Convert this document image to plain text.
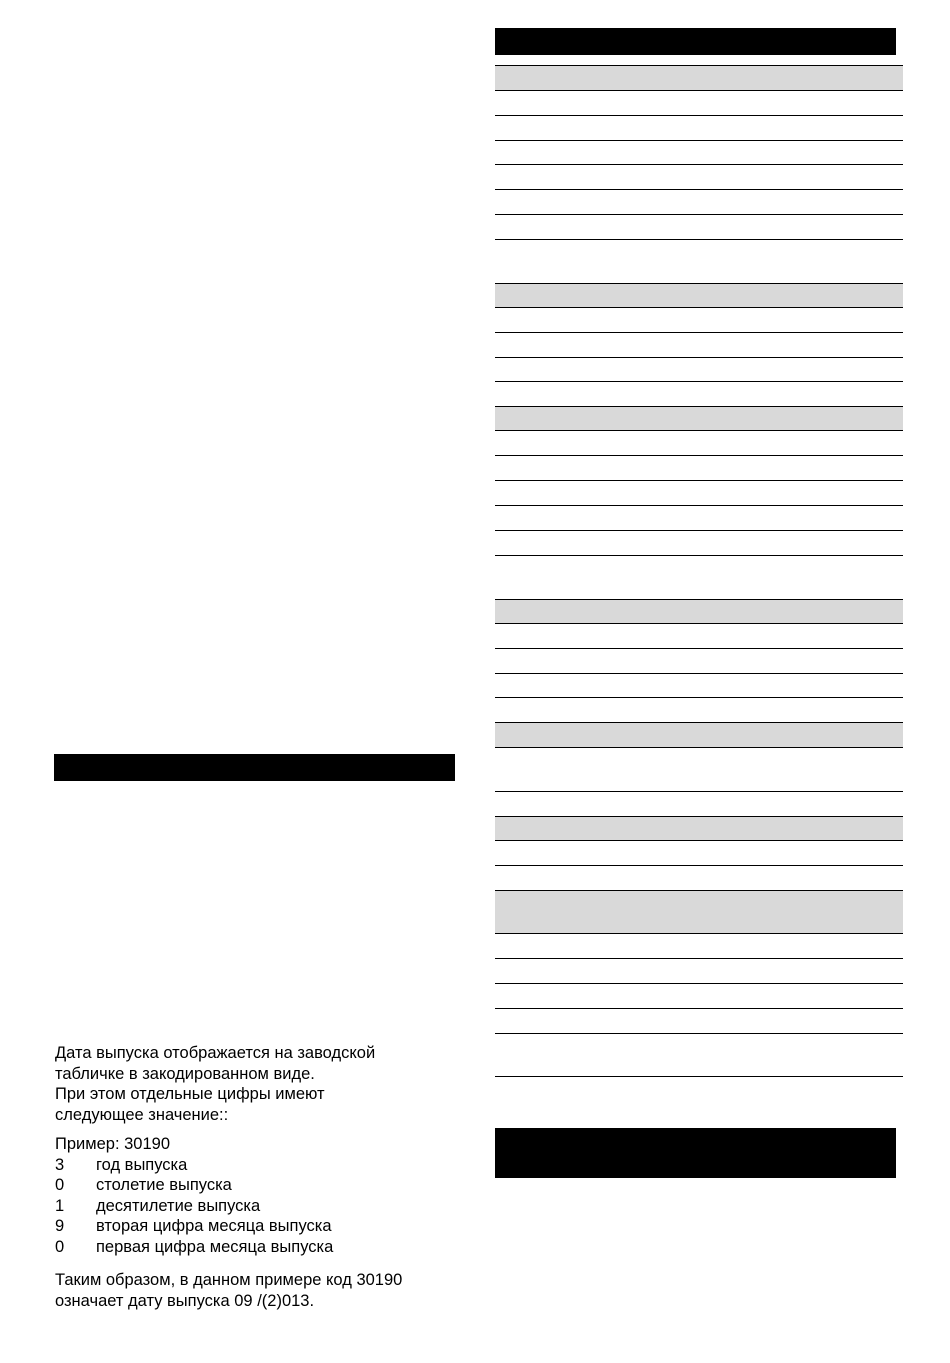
Дата выпуска отображается на заводской

табличке в закодированном виде.

При этом отдельные цифры имеют

следующее значение::

Пример: 30190

3	год выпуска
0	столетие выпуска
1	десятилетие выпуска
9	вторая цифра месяца выпуска
0	первая цифра месяца выпуска

Таким образом, в данном примере код 30190

означает дату выпуска 09 /(2)013.
